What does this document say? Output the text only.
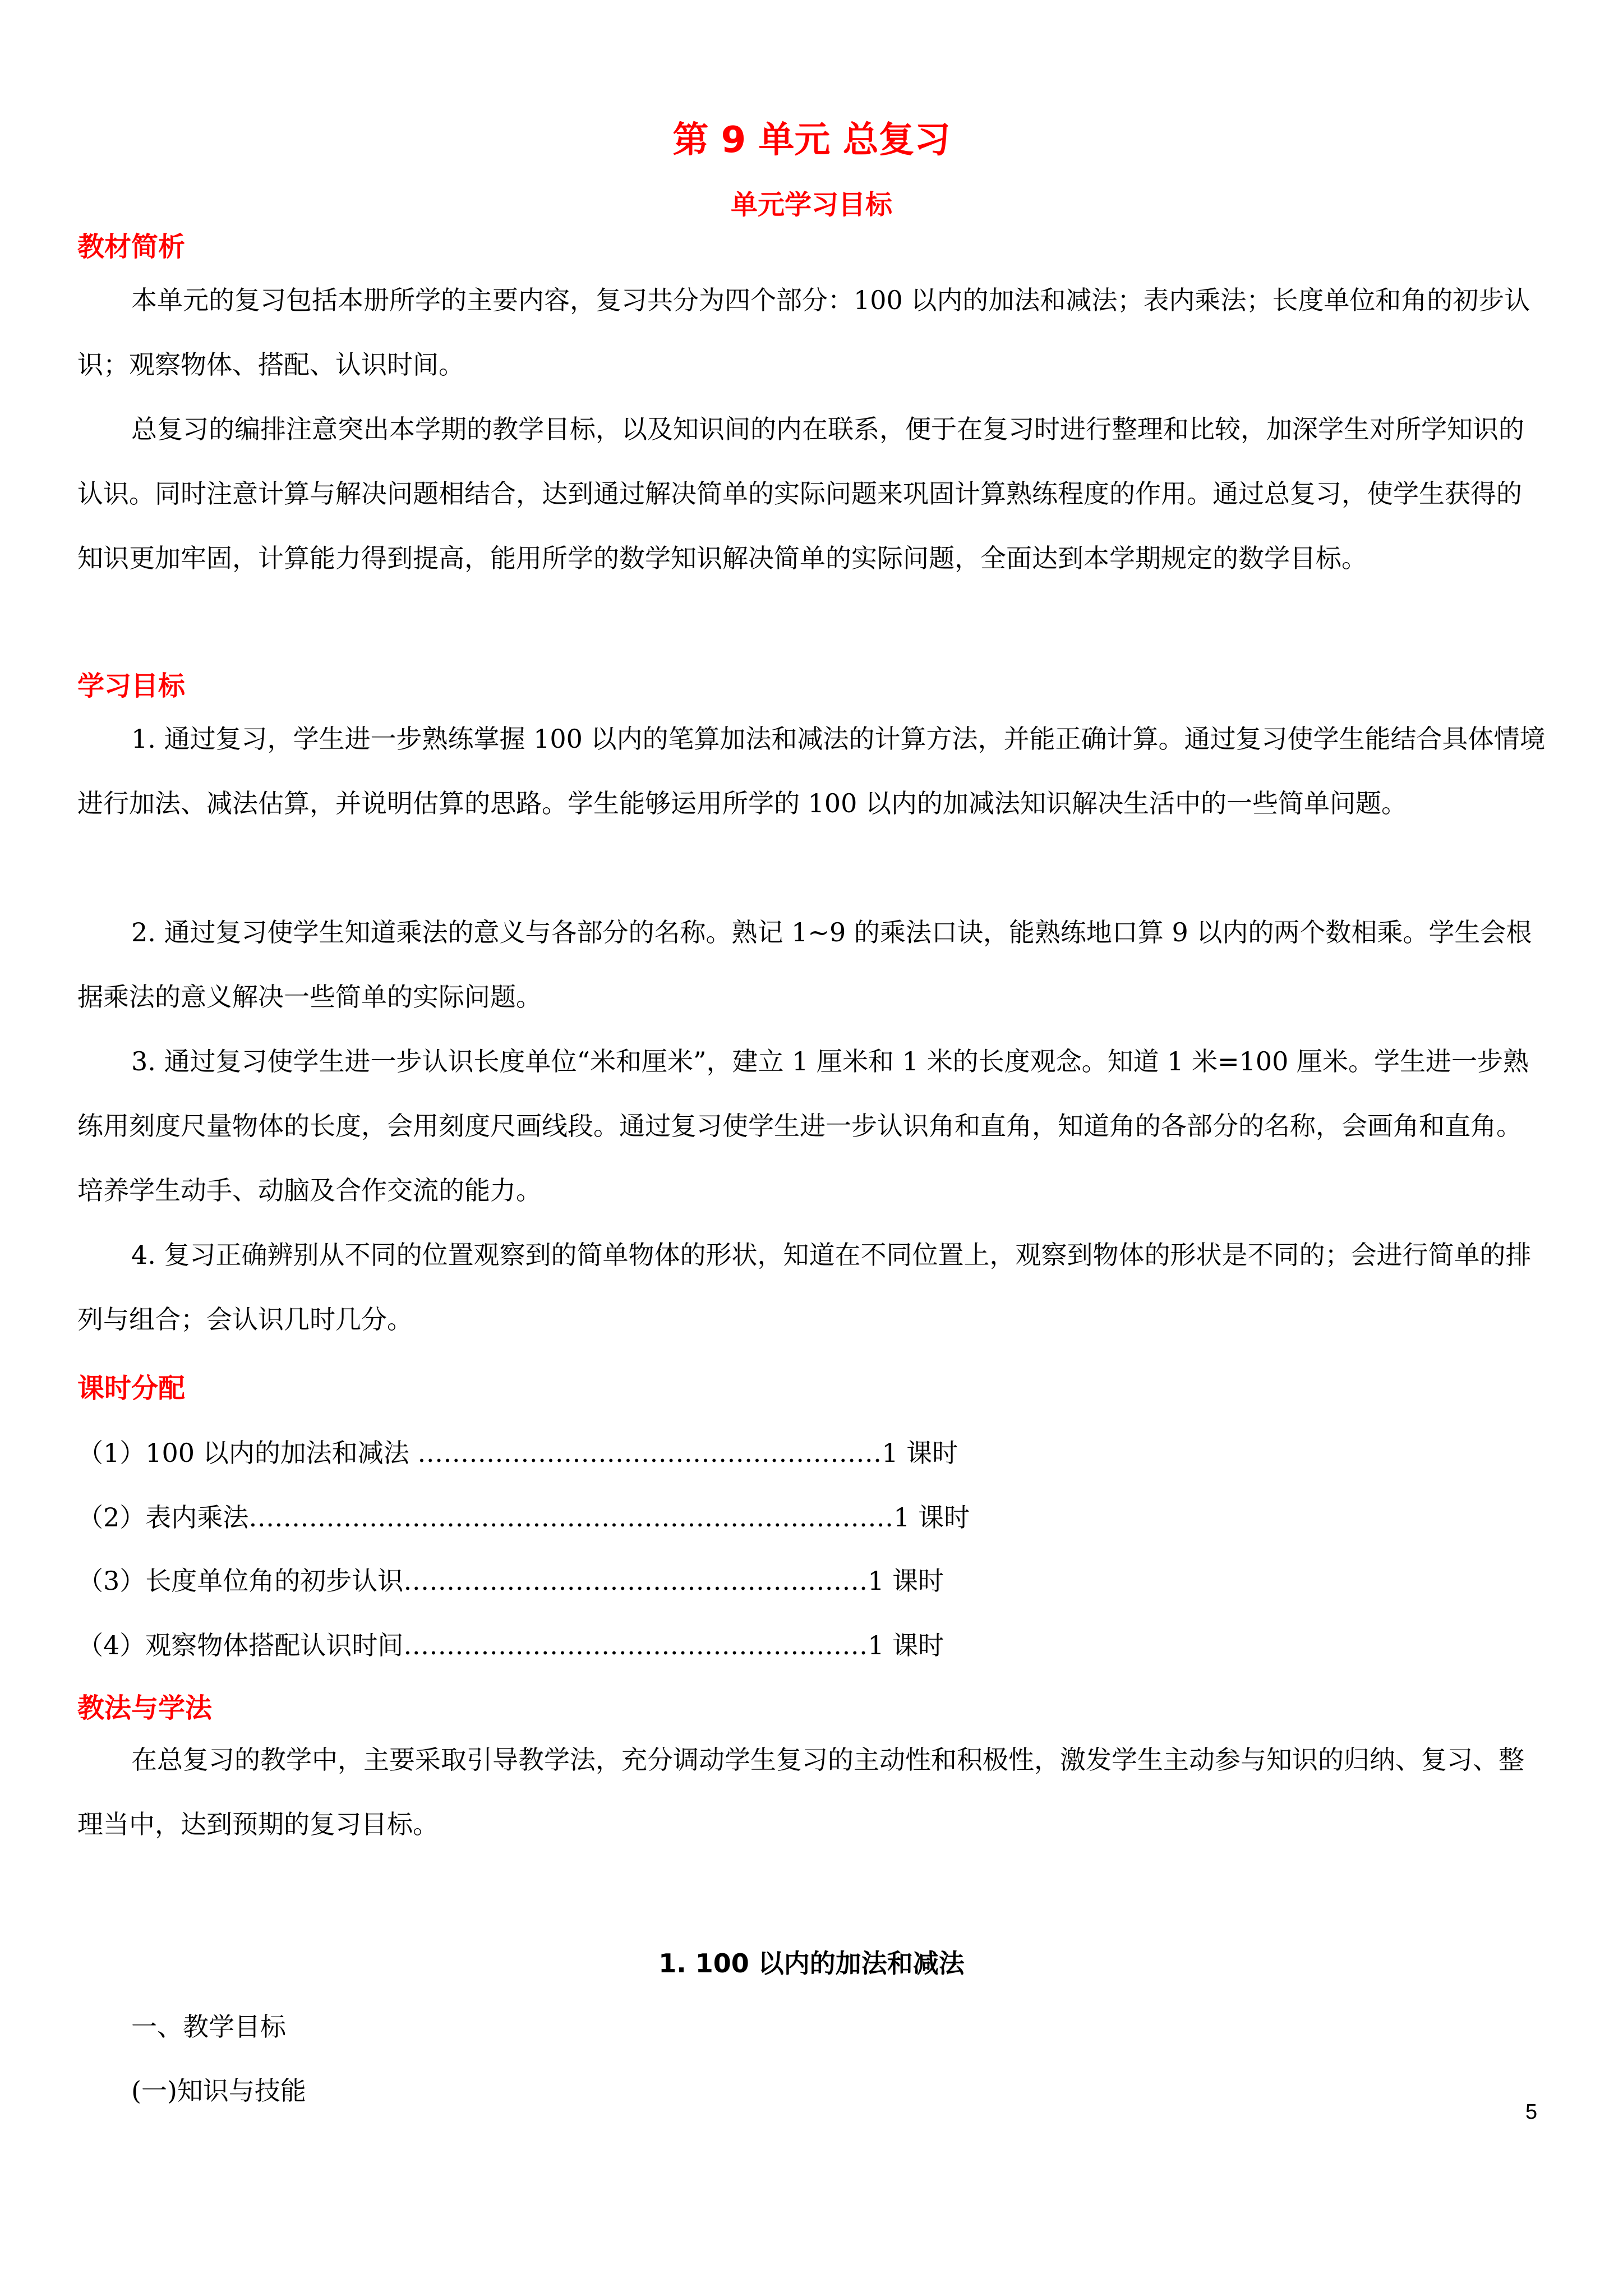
第 9 单元 总复习
单元学习目标
教材简析

本单元的复习包括本册所学的主要内容，复习共分为四个部分：100 以内的加法和减法；表内乘法；长度单位和角的初步认识；观察物体、搭配、认识时间。

总复习的编排注意突出本学期的教学目标，以及知识间的内在联系，便于在复习时进行整理和比较，加深学生对所学知识的认识。同时注意计算与解决问题相结合，达到通过解决简单的实际问题来巩固计算熟练程度的作用。通过总复习，使学生获得的知识更加牢固，计算能力得到提高，能用所学的数学知识解决简单的实际问题，全面达到本学期规定的数学目标。

学习目标

1. 通过复习，学生进一步熟练掌握 100 以内的笔算加法和减法的计算方法，并能正确计算。通过复习使学生能结合具体情境进行加法、减法估算，并说明估算的思路。学生能够运用所学的 100 以内的加减法知识解决生活中的一些简单问题。

2. 通过复习使学生知道乘法的意义与各部分的名称。熟记 1~9 的乘法口诀，能熟练地口算 9 以内的两个数相乘。学生会根据乘法的意义解决一些简单的实际问题。

3. 通过复习使学生进一步认识长度单位“米和厘米”，建立 1 厘米和 1 米的长度观念。知道 1 米=100 厘米。学生进一步熟练用刻度尺量物体的长度，会用刻度尺画线段。通过复习使学生进一步认识角和直角，知道角的各部分的名称，会画角和直角。培养学生动手、动脑及合作交流的能力。

4. 复习正确辨别从不同的位置观察到的简单物体的形状，知道在不同位置上，观察到物体的形状是不同的；会进行简单的排列与组合；会认识几时几分。

课时分配
（1）100 以内的加法和减法 ………………………………………………1 课时
（2）表内乘法…………………………………………………………………1 课时
（3）长度单位角的初步认识………………………………………………1 课时
（4）观察物体搭配认识时间………………………………………………1 课时
教法与学法

在总复习的教学中，主要采取引导教学法，充分调动学生复习的主动性和积极性，激发学生主动参与知识的归纳、复习、整理当中，达到预期的复习目标。

1. 100 以内的加法和减法
一、教学目标
(一)知识与技能
5
